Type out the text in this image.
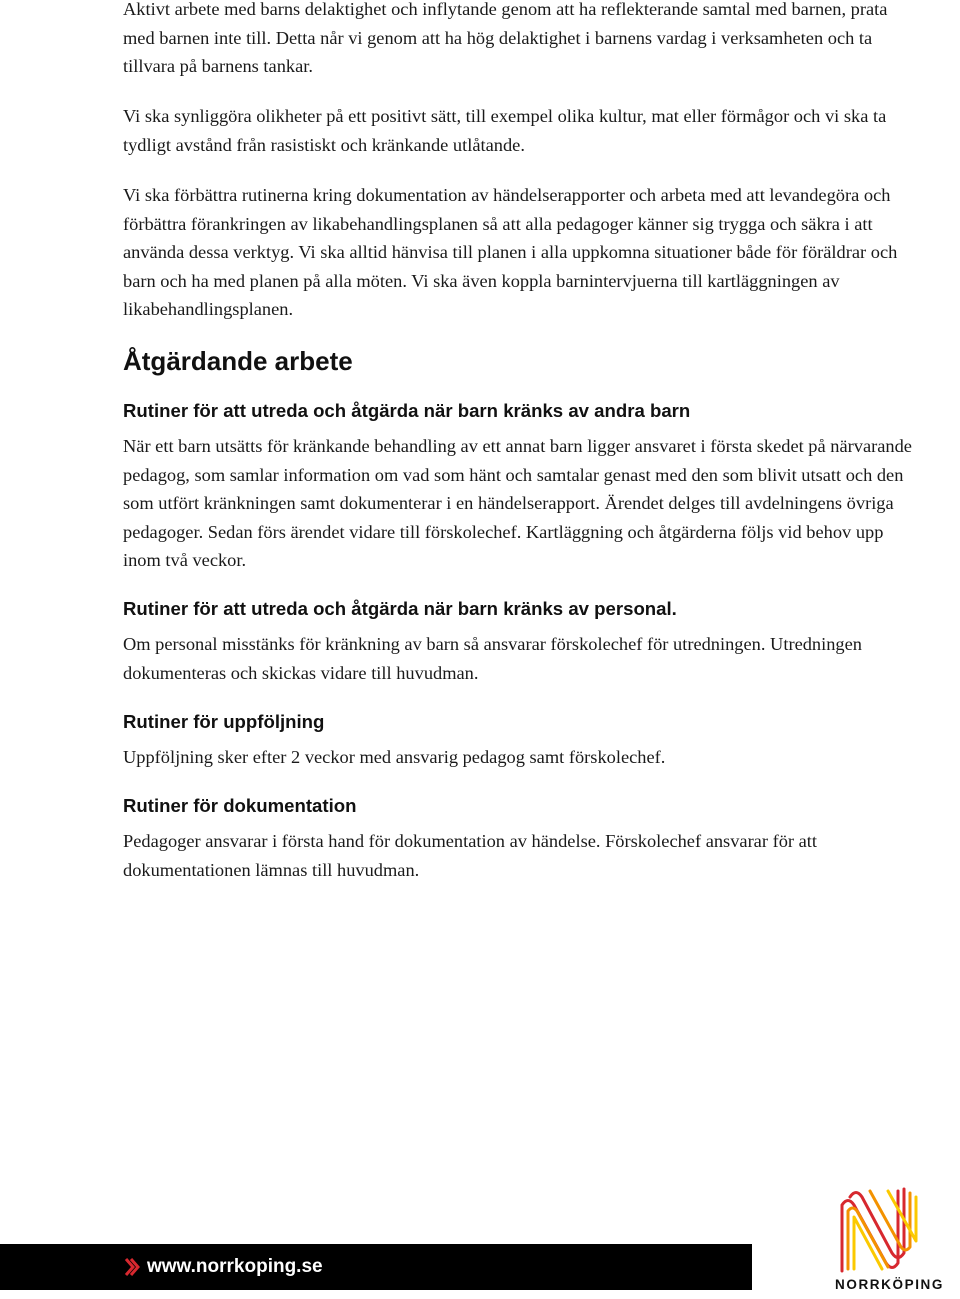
Aktivt arbete med barns delaktighet och inflytande genom att ha reflekterande samtal med barnen, prata med barnen inte till. Detta når vi genom att ha hög delaktighet i barnens vardag i verksamheten och ta tillvara på barnens tankar.

Vi ska synliggöra olikheter på ett positivt sätt, till exempel olika kultur, mat eller förmågor och vi ska ta tydligt avstånd från rasistiskt och kränkande utlåtande.

Vi ska förbättra rutinerna kring dokumentation av händelserapporter och arbeta med att levandegöra och förbättra förankringen av likabehandlingsplanen så att alla pedagoger känner sig trygga och säkra i att använda dessa verktyg. Vi ska alltid hänvisa till planen i alla uppkomna situationer både för föräldrar och barn och ha med planen på alla möten. Vi ska även koppla barnintervjuerna till kartläggningen av likabehandlingsplanen.

Åtgärdande arbete
Rutiner för att utreda och åtgärda när barn kränks av andra barn

När ett barn utsätts för kränkande behandling av ett annat barn ligger ansvaret i första skedet på närvarande pedagog, som samlar information om vad som hänt och samtalar genast med den som blivit utsatt och den som utfört kränkningen samt dokumenterar i en händelserapport. Ärendet delges till avdelningens övriga pedagoger. Sedan förs ärendet vidare till förskolechef. Kartläggning och åtgärderna följs vid behov upp inom två veckor.

Rutiner för att utreda och åtgärda när barn kränks av personal.

Om personal misstänks för kränkning av barn så ansvarar förskolechef för utredningen. Utredningen dokumenteras och skickas vidare till huvudman.

Rutiner för uppföljning

Uppföljning sker efter 2 veckor med ansvarig pedagog samt förskolechef.

Rutiner för dokumentation

Pedagoger ansvarar i första hand för dokumentation av händelse. Förskolechef ansvarar för att dokumentationen lämnas till huvudman.

www.norrkoping.se
NORRKÖPING
